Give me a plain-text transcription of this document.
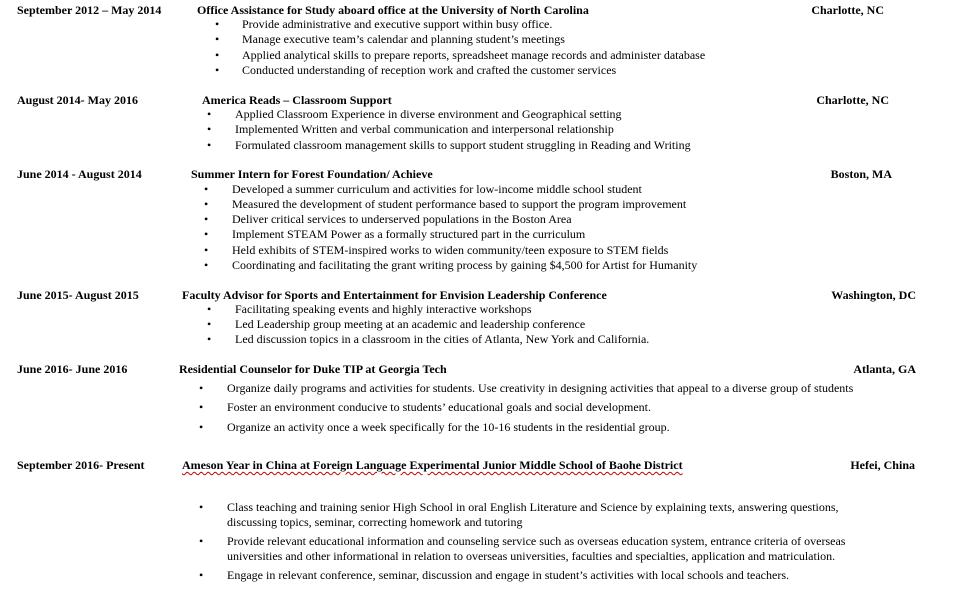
September 2012 – May 2014	Office Assistance for Study aboard office at the University of North Carolina	Charlotte, NC
• Provide administrative and executive support within busy office.
• Manage executive team’s calendar and planning student’s meetings
• Applied analytical skills to prepare reports, spreadsheet manage records and administer database
• Conducted understanding of reception work and crafted the customer services
August 2014- May 2016	America Reads – Classroom Support	Charlotte, NC
• Applied Classroom Experience in diverse environment and Geographical setting
• Implemented Written and verbal communication and interpersonal relationship
• Formulated classroom management skills to support student struggling in Reading and Writing
June 2014 - August 2014	Summer Intern for Forest Foundation/ Achieve	Boston, MA
• Developed a summer curriculum and activities for low-income middle school student
• Measured the development of student performance based to support the program improvement
• Deliver critical services to underserved populations in the Boston Area
• Implement STEAM Power as a formally structured part in the curriculum
• Held exhibits of STEM-inspired works to widen community/teen exposure to STEM fields
• Coordinating and facilitating the grant writing process by gaining $4,500 for Artist for Humanity
June 2015- August 2015	Faculty Advisor for Sports and Entertainment for Envision Leadership Conference	Washington, DC
• Facilitating speaking events and highly interactive workshops
• Led Leadership group meeting at an academic and leadership conference
• Led discussion topics in a classroom in the cities of Atlanta, New York and California.
June 2016- June 2016	Residential Counselor for Duke TIP at Georgia Tech	Atlanta, GA
• Organize daily programs and activities for students. Use creativity in designing activities that appeal to a diverse group of students
• Foster an environment conducive to students’ educational goals and social development.
• Organize an activity once a week specifically for the 10-16 students in the residential group.
September 2016- Present	Ameson Year in China at Foreign Language Experimental Junior Middle School of Baohe District	Hefei, China
• Class teaching and training senior High School in oral English Literature and Science by explaining texts, answering questions, discussing topics, seminar, correcting homework and tutoring
• Provide relevant educational information and counseling service such as overseas education system, entrance criteria of overseas universities and other informational in relation to overseas universities, faculties and specialties, application and matriculation.
• Engage in relevant conference, seminar, discussion and engage in student’s activities with local schools and teachers.
